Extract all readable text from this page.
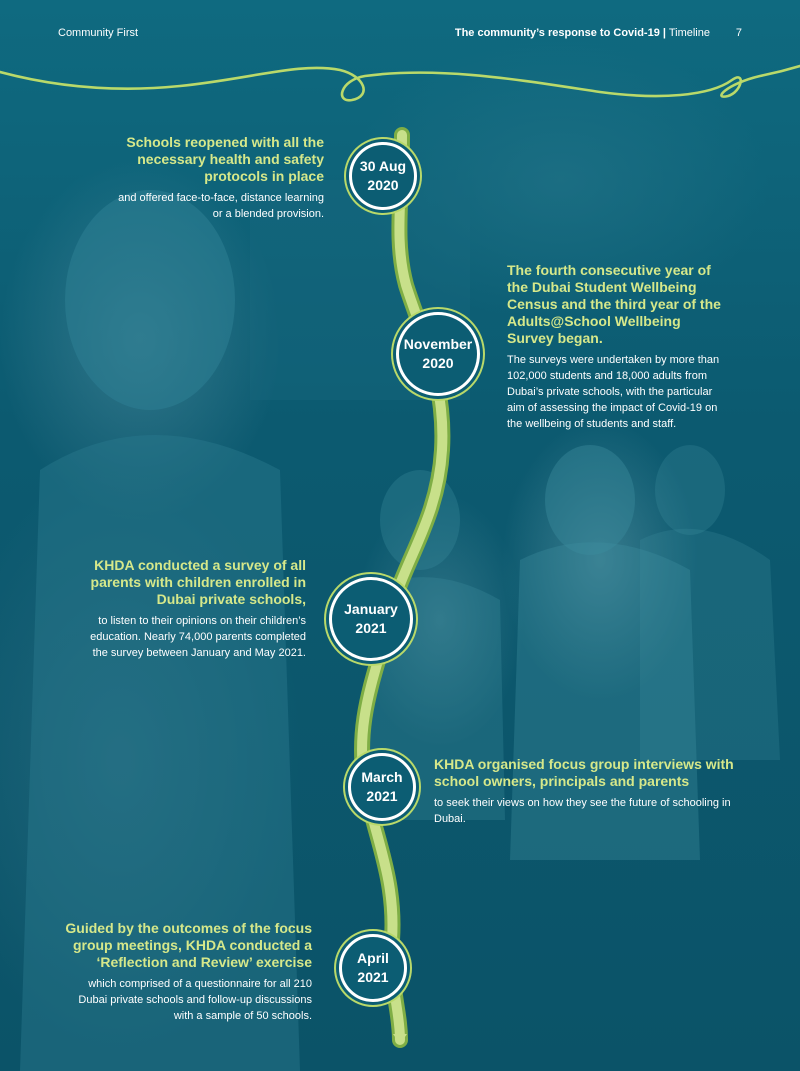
Community First	The community’s response to Covid-19 | Timeline 7
30 Aug
2020
November
2020
January
2021
March
2021
April
2021

Schools reopened with all the necessary health and safety protocols in place

and offered face-to-face, distance learning or a blended provision.

The fourth consecutive year of the Dubai Student Wellbeing Census and the third year of the Adults@School Wellbeing Survey began.

The surveys were undertaken by more than 102,000 students and 18,000 adults from Dubai’s private schools, with the particular aim of assessing the impact of Covid-19 on the wellbeing of students and staff.

KHDA conducted a survey of all parents with children enrolled in Dubai private schools,

to listen to their opinions on their children’s education. Nearly 74,000 parents completed the survey between January and May 2021.

KHDA organised focus group interviews with school owners, principals and parents

to seek their views on how they see the future of schooling in Dubai.

Guided by the outcomes of the focus group meetings, KHDA conducted a ‘Reflection and Review’ exercise

which comprised of a questionnaire for all 210 Dubai private schools and follow-up discussions with a sample of 50 schools.
